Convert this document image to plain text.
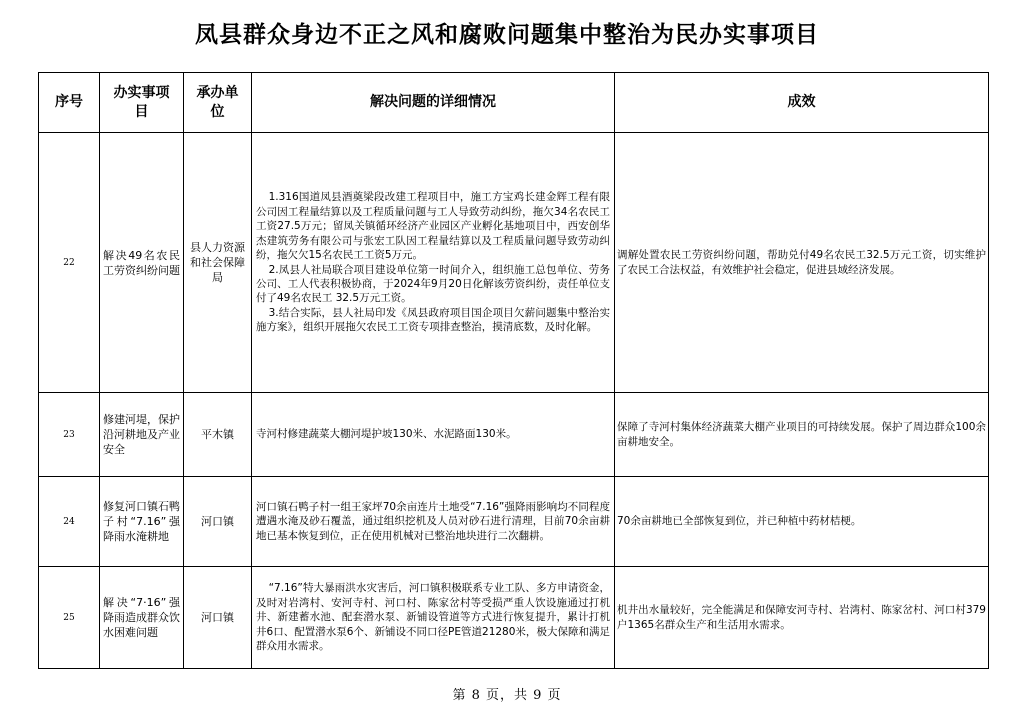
凤县群众身边不正之风和腐败问题集中整治为民办实事项目
序号	办实事项目	承办单位	解决问题的详细情况	成效
22	解决49名农民工劳资纠纷问题	县人力资源和社会保障局	1.316国道凤县酒奠梁段改建工程项目中，施工方宝鸡长建金辉工程有限公司因工程量结算以及工程质量问题与工人导致劳动纠纷，拖欠34名农民工工资27.5万元；留凤关镇循环经济产业园区产业孵化基地项目中，西安创华杰建筑劳务有限公司与张宏工队因工程量结算以及工程质量问题导致劳动纠纷，拖欠欠15名农民工工资5万元。

2.凤县人社局联合项目建设单位第一时间介入，组织施工总包单位、劳务公司、工人代表积极协商，于2024年9月20日化解该劳资纠纷，责任单位支付了49名农民工 32.5万元工资。

3.结合实际，县人社局印发《凤县政府项目国企项目欠薪问题集中整治实施方案》，组织开展拖欠农民工工资专项排查整治，摸清底数，及时化解。	调解处置农民工劳资纠纷问题，帮助兑付49名农民工32.5万元工资，切实维护了农民工合法权益，有效维护社会稳定，促进县域经济发展。
23	修建河堤，保护沿河耕地及产业安全	平木镇	寺河村修建蔬菜大棚河堤护坡130米、水泥路面130米。	保障了寺河村集体经济蔬菜大棚产业项目的可持续发展。保护了周边群众100余亩耕地安全。
24	修复河口镇石鸭子村“7.16”强降雨水淹耕地	河口镇	河口镇石鸭子村一组王家坪70余亩连片土地受“7.16”强降雨影响均不同程度遭遇水淹及砂石覆盖，通过组织挖机及人员对砂石进行清理，目前70余亩耕地已基本恢复到位，正在使用机械对已整治地块进行二次翻耕。	70余亩耕地已全部恢复到位，并已种植中药材桔梗。
25	解决“7·16”强降雨造成群众饮水困难问题	河口镇	“7.16”特大暴雨洪水灾害后，河口镇积极联系专业工队、多方申请资金，及时对岩湾村、安河寺村、河口村、陈家岔村等受损严重人饮设施通过打机井、新建蓄水池、配套潜水泵、新铺设管道等方式进行恢复提升，累计打机井6口、配置潜水泵6个、新铺设不同口径PE管道21280米，极大保障和满足群众用水需求。	机井出水量较好，完全能满足和保障安河寺村、岩湾村、陈家岔村、河口村379户1365名群众生产和生活用水需求。
第 8 页，共 9 页
